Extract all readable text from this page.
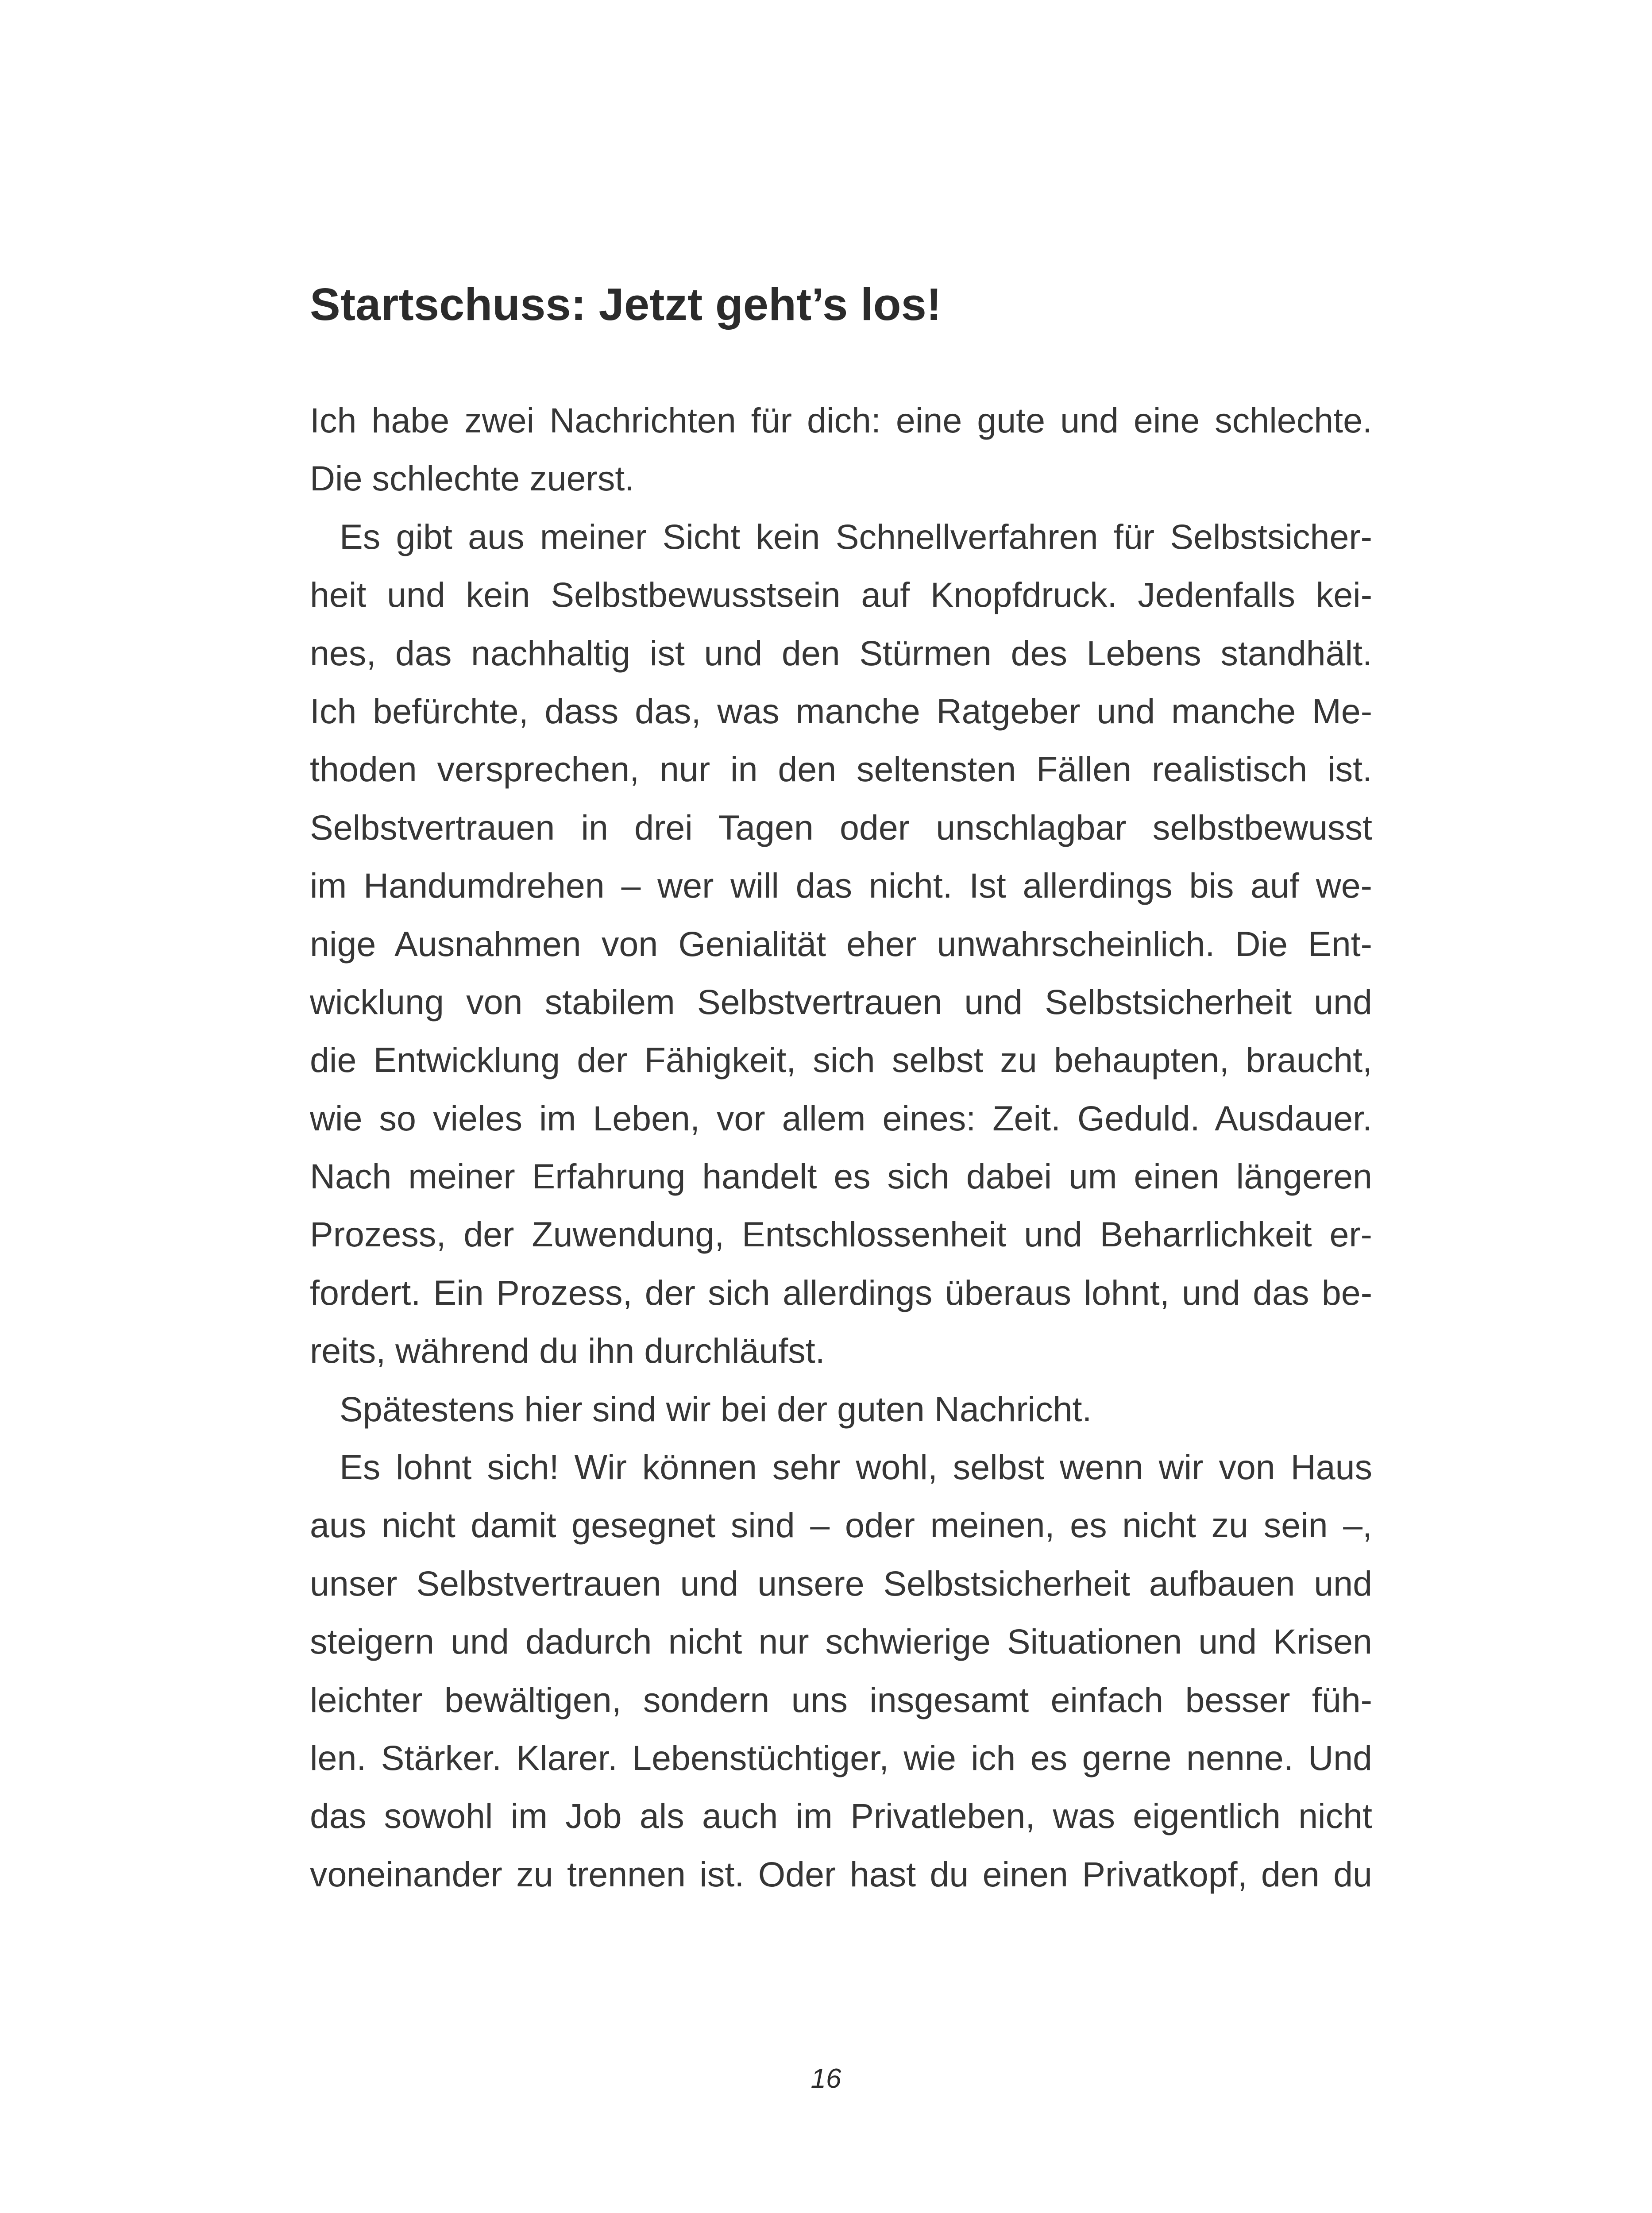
Startschuss: Jetzt geht’s los!
Ich habe zwei Nachrichten für dich: eine gute und eine schlechte.
Die schlechte zuerst.
Es gibt aus meiner Sicht kein Schnellverfahren für Selbstsicher-
heit und kein Selbstbewusstsein auf Knopfdruck. Jedenfalls kei-
nes, das nachhaltig ist und den Stürmen des Lebens standhält.
Ich befürchte, dass das, was manche Ratgeber und manche Me-
thoden versprechen, nur in den seltensten Fällen realistisch ist.
Selbstvertrauen in drei Tagen oder unschlagbar selbstbewusst
im Handumdrehen – wer will das nicht. Ist allerdings bis auf we-
nige Ausnahmen von Genialität eher unwahrscheinlich. Die Ent-
wicklung von stabilem Selbstvertrauen und Selbstsicherheit und
die Entwicklung der Fähigkeit, sich selbst zu behaupten, braucht,
wie so vieles im Leben, vor allem eines: Zeit. Geduld. Ausdauer.
Nach meiner Erfahrung handelt es sich dabei um einen längeren
Prozess, der Zuwendung, Entschlossenheit und Beharrlichkeit er-
fordert. Ein Prozess, der sich allerdings überaus lohnt, und das be-
reits, während du ihn durchläufst.
Spätestens hier sind wir bei der guten Nachricht.
Es lohnt sich! Wir können sehr wohl, selbst wenn wir von Haus
aus nicht damit gesegnet sind – oder meinen, es nicht zu sein –,
unser Selbstvertrauen und unsere Selbstsicherheit aufbauen und
steigern und dadurch nicht nur schwierige Situationen und Krisen
leichter bewältigen, sondern uns insgesamt einfach besser füh-
len. Stärker. Klarer. Lebenstüchtiger, wie ich es gerne nenne. Und
das sowohl im Job als auch im Privatleben, was eigentlich nicht
voneinander zu trennen ist. Oder hast du einen Privatkopf, den du
16
